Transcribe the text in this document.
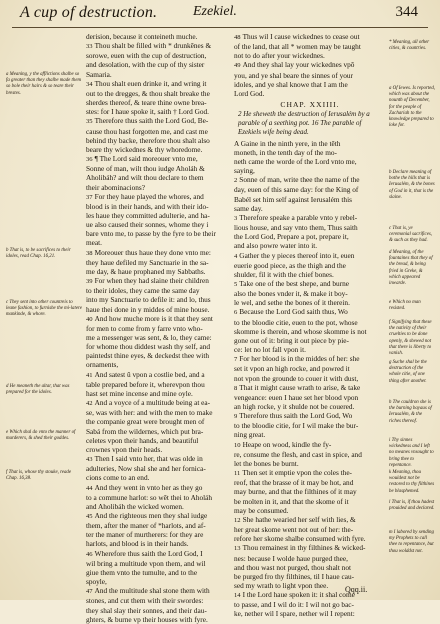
A cup of destruction.	Ezekiel.	344
a Meaning, y the afflictions shalbe so fa greater than they shalbe made them so bole their hairs & so teare their brestes.
b That is, to be sacrifices to their idoles, read Chap. 16,21.
c They sent into other countreis to leane fashion, to furnishe the mi-latere mankinde, & whore.
d He meaneth the altar, that was prepared for the idoles.
e Which shal do vnto the manner of murderers, & shed their goddes.
f That is, whose thy stouke, reade Chap. 16,38.
derision, because it conteineth muche.
33 Thou shalt be filled with * drunkēnes &
sorowe, euen with the cup of destruction,
and desolation, with the cup of thy sister
Samaria.
34 Thou shalt euen drinke it, and wring it
out to the dregges, & thou shalt breake the
sherdes thereof, & teare thine owne brea-
stes: for I haue spoke it, saith † Lord God.
35 Therefore thus saith the Lord God, Be-
cause thou hast forgotten me, and cast me
behind thy backe, therefore thou shalt also
beare thy wickednes & thy whoredome.
36 ¶ The Lord said moreouer vnto me,
Sonne of man, wilt thou iudge Aholáh &
Aholibáh? and wilt thou declare to them
their abominacions?
37 For they haue played the whores, and
blood is in their hands, and with their ido-
les haue they committed adulterie, and ha-
ue also caused their sonnes, whome they i
bare vnto me, to passe by the fyre to be their
meat.
38 Moreouer thus haue they done vnto me:
they haue defiled my Sanctuarie in the sa-
me day, & haue prophaned my Sabbaths.
39 For when they had slaine their children
to their idoles, they came the same day
into my Sanctuarie to defile it: and lo, thus
haue thei done in y middes of mine house.
40 And how muche more is it that they sent
for men to come from y farre vnto who-
me a messenger was sent, & lo, they came:
for whome thou diddest wash thy self, and
paintedst thine eyes, & deckedst thee with
ornaments,
41 And satest ŭ vpon a costlie bed, and a
table prepared before it, wherevpon thou
hast set mine incense and mine oyle.
42 And a voyce of a multitude being at ea-
se, was with her: and with the men to make
the companie great were brought men of
Sabá from the wildernes, which put bra-
celetes vpon their hands, and beautiful
crownes vpon their heads.
43 Then I said vnto her, that was olde in
adulteries, Now shal she and her fornica-
cions come to an end.
44 And they went in vnto her as they go
to a commune harlot: so wēt thei to Aholáh
and Aholibáh the wicked women.
45 And the righteous men they shal iudge
them, after the maner of *harlots, and af-
ter the maner of murtherers: for they are
harlots, and blood is in their hands.
46 Wherefore thus saith the Lord God, I
wil bring a multitude vpon them, and wil
giue them vnto the tumulte, and to the
spoyle,
47 And the multitude shal stone them with
stones, and cut them with their swordes:
they shal slay their sonnes, and their dau-
ghters, & burne vp their houses with fyre.
48 Thus wil I cause wickednes to cease out
of the land, that all * women may be taught
not to do after your wickednes.
49 And they shal lay your wickednes vpō
you, and ye shal beare the sinnes of your
idoles, and ye shal knowe that I am the
Lord God.
CHAP. XXIIII.
2 He sheweth the destruction of Ierusalém by a parable of a seething pot. 16 The parable of Ezekiels wife being dead.
A Gaine in the ninth yere, in the tēth
moneth, in the tenth day of the mo-
neth came the worde of the Lord vnto me,
saying,
2 Sonne of man, write thee the name of the
day, euen of this same day: for the King of
Babél set him self against Ierusalém this
same day.
3 Therefore speake a parable vnto y rebel-
lious house, and say vnto them, Thus saith
the Lord God, Prepare a pot, prepare it,
and also powre water into it.
4 Gather the y pieces thereof into it, euen
euerie good piece, as the thigh and the
shulder, fil it with the chief bones.
5 Take one of the best shepe, and burne
also the bones vnder it, & make it boy-
le wel, and sethe the bones of it therein.
6 Because the Lord God saith thus, Wo
to the bloodie citie, euen to the pot, whose
skomme is therein, and whose skomme is not
gone out of it: bring it out piece by pie-
ce: let no lot fall vpon it.
7 For her blood is in the middes of her: she
set it vpon an high rocke, and powred it
not vpon the grounde to couer it with dust,
8 That it might cause wrath to arise, & take
vengeance: euen I haue set her blood vpon
an high rocke, y it shulde not be couered.
9 Therefore thus saith the Lord God, Wo
to the bloodie citie, for I wil make the bur-
ning great.
10 Heape on wood, kindle the fy-
re, consume the flesh, and cast in spice, and
let the bones be burnt.
11 Then set it emptie vpon the coles the-
reof, that the brasse of it may be hot, and
may burne, and that the filthines of it may
be molten in it, and that the skome of it
may be consumed.
12 She hathe wearied her self with lies, &
her great skome went not out of her: the-
refore her skome shalbe consumed with fyre.
13 Thou remainest in thy filthines & wicked-
nes: because I wolde haue purged thee,
and thou wast not purged, thou shalt not
be purged fro thy filthines, til I haue cau-
sed my wrath to light vpon thee.
14 I the Lord haue spoken it: it shal come
to passe, and I wil do it: I wil not go bac-
ke, nether wil I spare, nether wil I repent:
* Meaning, all other cities, & countries.
a Of Iewes. Is reported, which was about the nounth of December, for the people of Zachariah to the knowledge prepared to loke for.
b Declare meaning of bothe the hills that is Ierusalém, & the bones of God in it, that is the slaine.
c That is, ye ceremonial sacrifices, & such as they had.
d Meaning, of the fountaines that they of the bread, & being fried in Greke, & which appeared inwarde.
e Which no man resisted.
f Signifying that these the nativity of their cruelties to be done openly, & shewed not that there is liberty to vanish.
g Suche shal be the destruction of the whole citie, of one thing after another.
h The cauldron she is the burning bayaus of Ierusalém, & the riches thereof.
i Thy sinnes wickedness and I left no meanes vnsought to bring thee to repentance.
k Meaning, thou wouldest not be restored to thy filthines be blasphemed.
l That is, if thou hadest prouided and declared.
m I labored by sending my Prophets to call thee to repentance, but thou wolddst not.
Qqq.ii.
